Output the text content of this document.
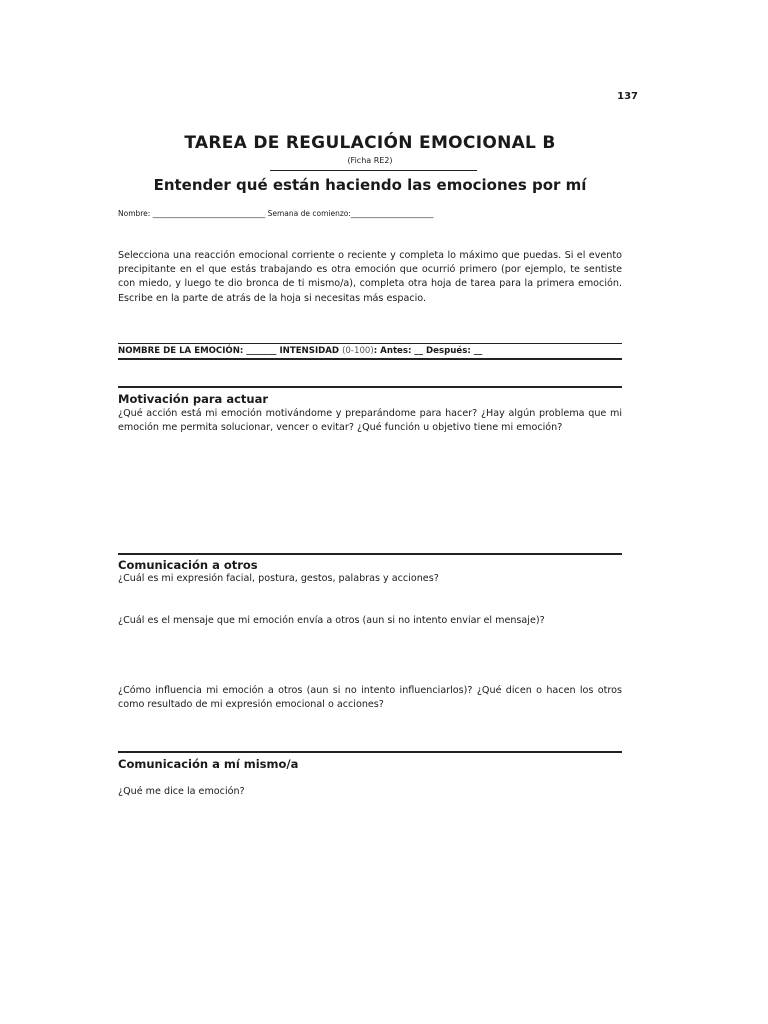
137
TAREA DE REGULACIÓN EMOCIONAL B
(Ficha RE2)
Entender qué están haciendo las emociones por mí
Nombre: ______________________________ Semana de comienzo:______________________
Selecciona una reacción emocional corriente o reciente y completa lo máximo que puedas. Si el evento precipitante en el que estás trabajando es otra emoción que ocurrió primero (por ejemplo, te sentiste con miedo, y luego te dio bronca de ti mismo/a), completa otra hoja de tarea para la primera emoción. Escribe en la parte de atrás de la hoja si necesitas más espacio.
NOMBRE DE LA EMOCIÓN: _______ INTENSIDAD (0-100): Antes: __ Después: __
Motivación para actuar
¿Qué acción está mi emoción motivándome y preparándome para hacer? ¿Hay algún problema que mi emoción me permita solucionar, vencer o evitar? ¿Qué función u objetivo tiene mi emoción?
Comunicación a otros
¿Cuál es mi expresión facial, postura, gestos, palabras y acciones?
¿Cuál es el mensaje que mi emoción envía a otros (aun si no intento enviar el mensaje)?
¿Cómo influencia mi emoción a otros (aun si no intento influenciarlos)? ¿Qué dicen o hacen los otros como resultado de mi expresión emocional o acciones?
Comunicación a mí mismo/a
¿Qué me dice la emoción?
